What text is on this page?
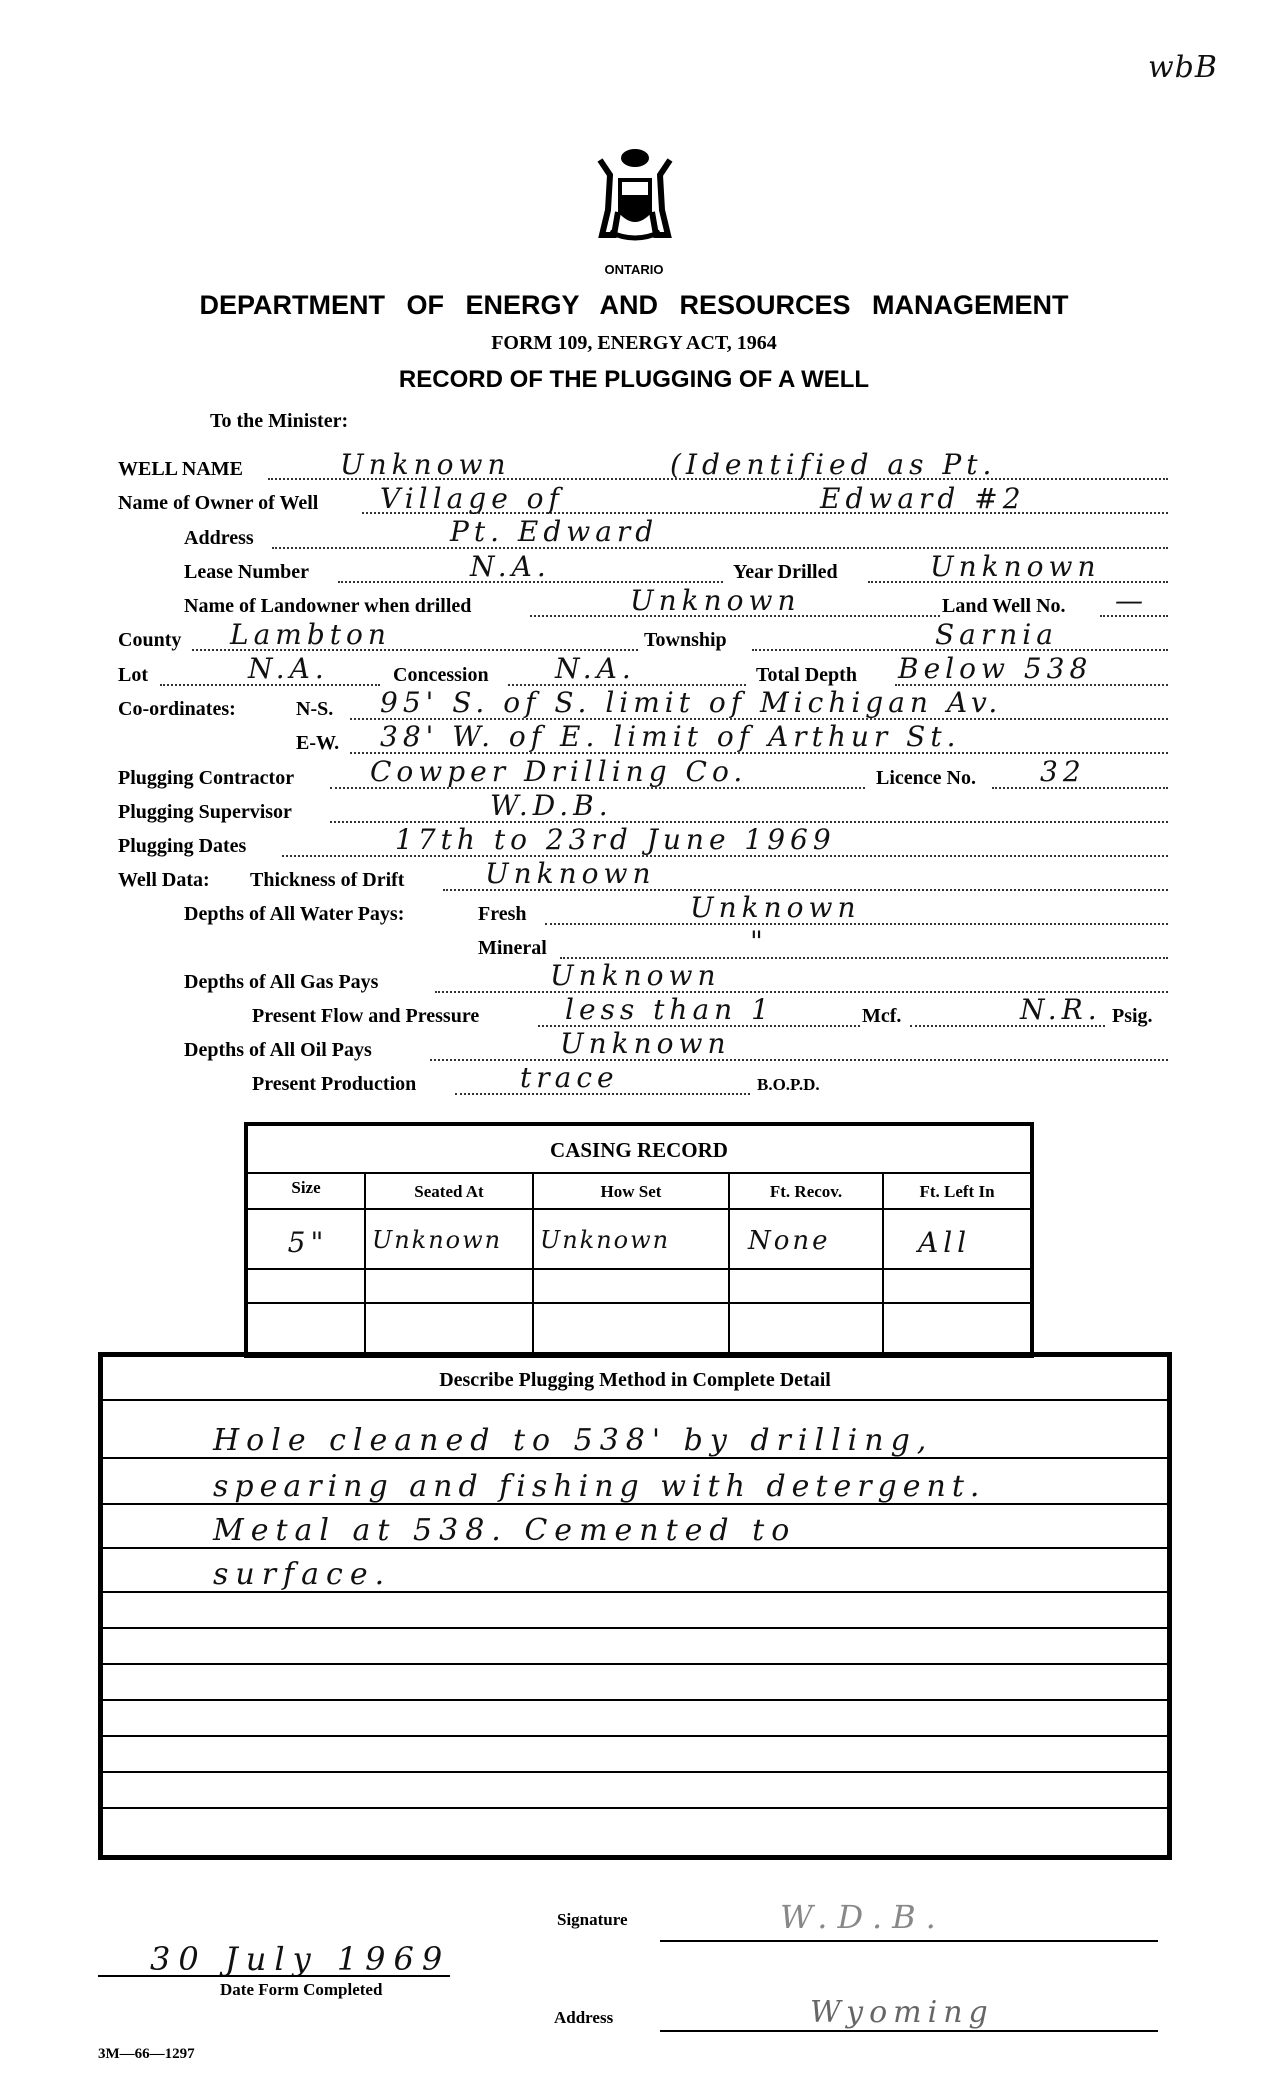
wbB
ONTARIO
DEPARTMENT OF ENERGY AND RESOURCES MANAGEMENT
FORM 109, ENERGY ACT, 1964
RECORD OF THE PLUGGING OF A WELL
To the Minister:
WELL NAME	Unknown	(Identified as Pt.
Name of Owner of Well Village of	Edward #2
Address	Pt. Edward
Lease Number	N.A.	Year Drilled	Unknown
Name of Landowner when drilled	Unknown	Land Well No. —
County Lambton	Township	Sarnia
Lot	N.A.	Concession N.A.	Total Depth Below 538
Co-ordinates:	N-S. 95' S. of S. limit of Michigan Av.
E-W. 38' W. of E. limit of Arthur St.
Plugging Contractor	Cowper Drilling Co.	Licence No. 32
Plugging Supervisor	W.D.B.
Plugging Dates	17th to 23rd June 1969
Well Data: Thickness of Drift	Unknown
Depths of All Water Pays:	Fresh	Unknown
Mineral	"
Depths of All Gas Pays	Unknown
Present Flow and Pressure	less than 1	Mcf.	N.R. Psig.
Depths of All Oil Pays	Unknown
Present Production	trace	B.O.P.D.
CASING RECORD
Size	Seated At	How Set	Ft. Recov.	Ft. Left In
5"	Unknown	Unknown	None	All
Describe Plugging Method in Complete Detail
Hole cleaned to 538' by drilling,
spearing and fishing with detergent.
Metal at 538. Cemented to
surface.
Signature	W.D.B.
30 July 1969
Date Form Completed
Address	Wyoming
3M—66—1297
